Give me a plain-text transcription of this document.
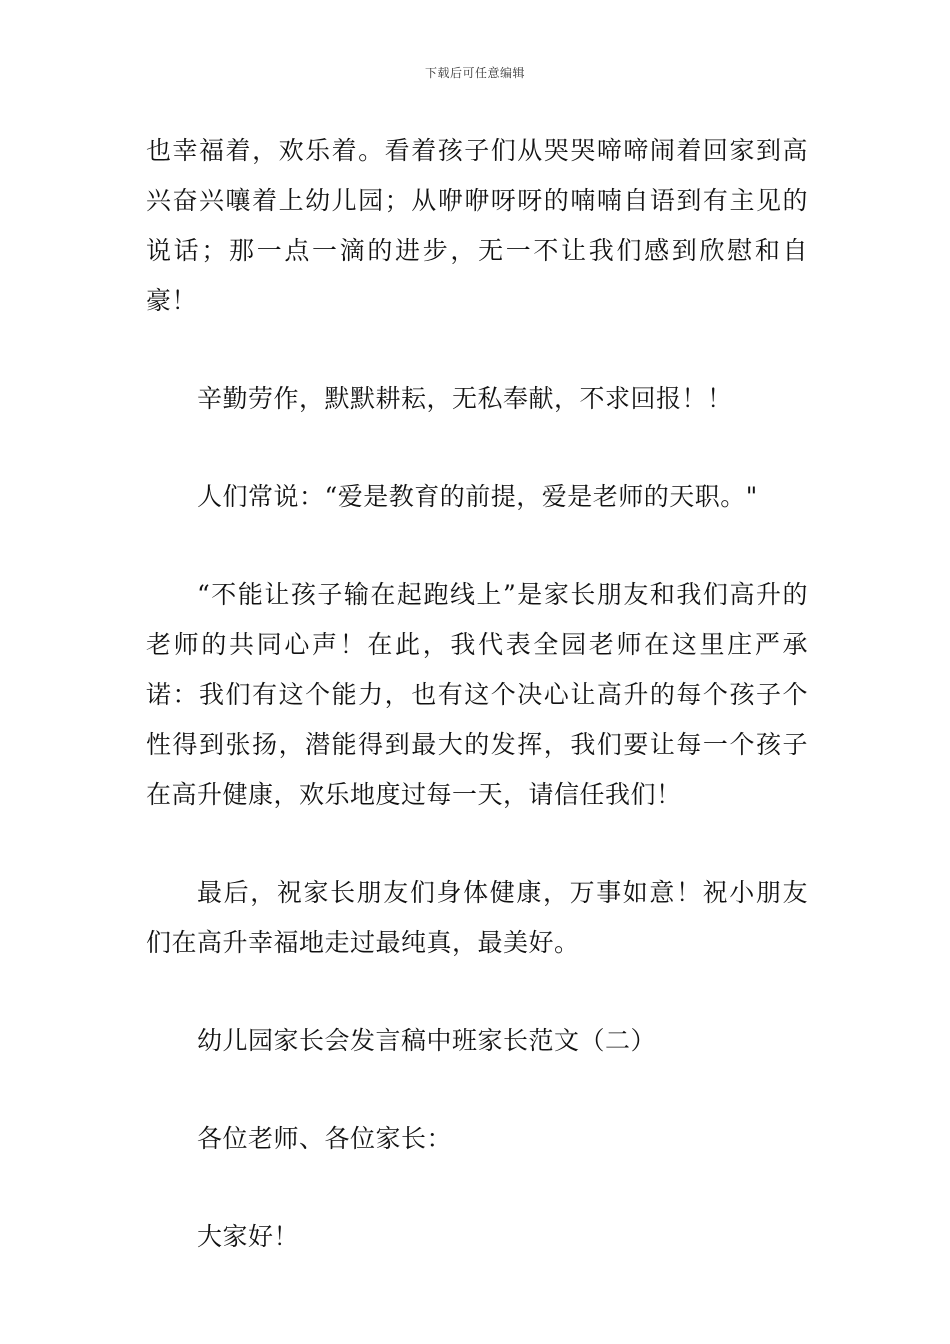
下载后可任意编辑

也幸福着，欢乐着。看着孩子们从哭哭啼啼闹着回家到高兴奋兴嚷着上幼儿园；从咿咿呀呀的喃喃自语到有主见的说话；那一点一滴的进步，无一不让我们感到欣慰和自豪！

辛勤劳作，默默耕耘，无私奉献，不求回报！！

人们常说：“爱是教育的前提，爱是老师的天职。"

“不能让孩子输在起跑线上”是家长朋友和我们高升的老师的共同心声！在此，我代表全园老师在这里庄严承诺：我们有这个能力，也有这个决心让高升的每个孩子个性得到张扬，潜能得到最大的发挥，我们要让每一个孩子在高升健康，欢乐地度过每一天，请信任我们！

最后，祝家长朋友们身体健康，万事如意！祝小朋友们在高升幸福地走过最纯真，最美好。

幼儿园家长会发言稿中班家长范文（二）

各位老师、各位家长：

大家好！
